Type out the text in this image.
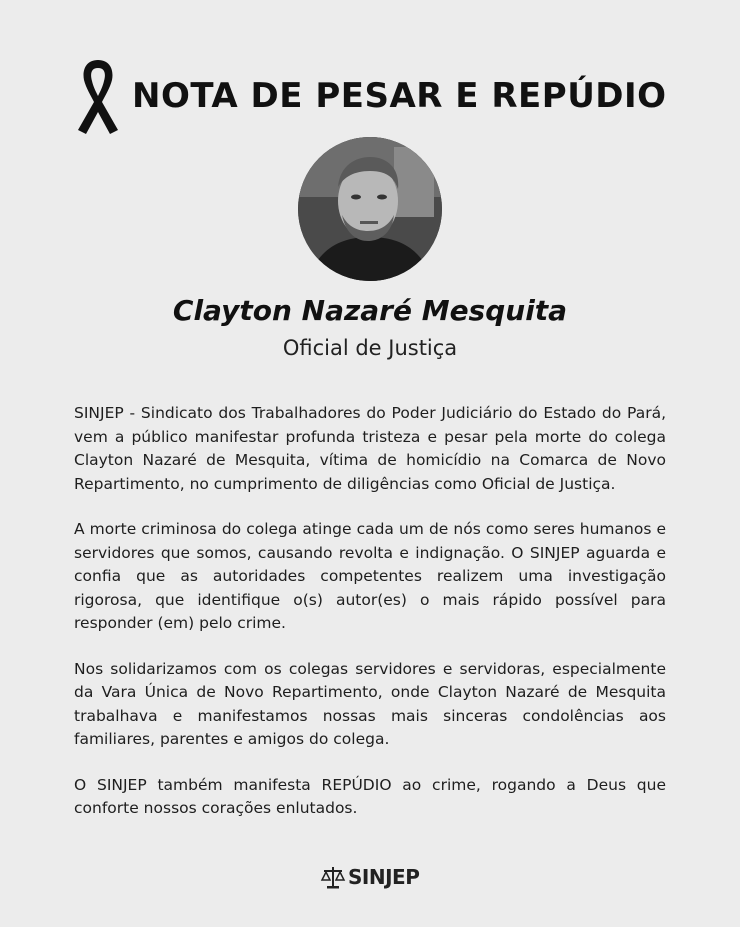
NOTA DE PESAR E REPÚDIO
Clayton Nazaré Mesquita
Oficial de Justiça

SINJEP - Sindicato dos Trabalhadores do Poder Judiciário do Estado do Pará, vem a público manifestar profunda tristeza e pesar pela morte do colega Clayton Nazaré de Mesquita, vítima de homicídio na Comarca de Novo Repartimento, no cumprimento de diligências como Oficial de Justiça.

A morte criminosa do colega atinge cada um de nós como seres humanos e servidores que somos, causando revolta e indignação. O SINJEP aguarda e confia que as autoridades competentes realizem uma investigação rigorosa, que identifique o(s) autor(es) o mais rápido possível para responder (em) pelo crime.

Nos solidarizamos com os colegas servidores e servidoras, especialmente da Vara Única de Novo Repartimento, onde Clayton Nazaré de Mesquita trabalhava e manifestamos nossas mais sinceras condolências aos familiares, parentes e amigos do colega.

O SINJEP também manifesta REPÚDIO ao crime, rogando a Deus que conforte nossos corações enlutados.

SINJEP
